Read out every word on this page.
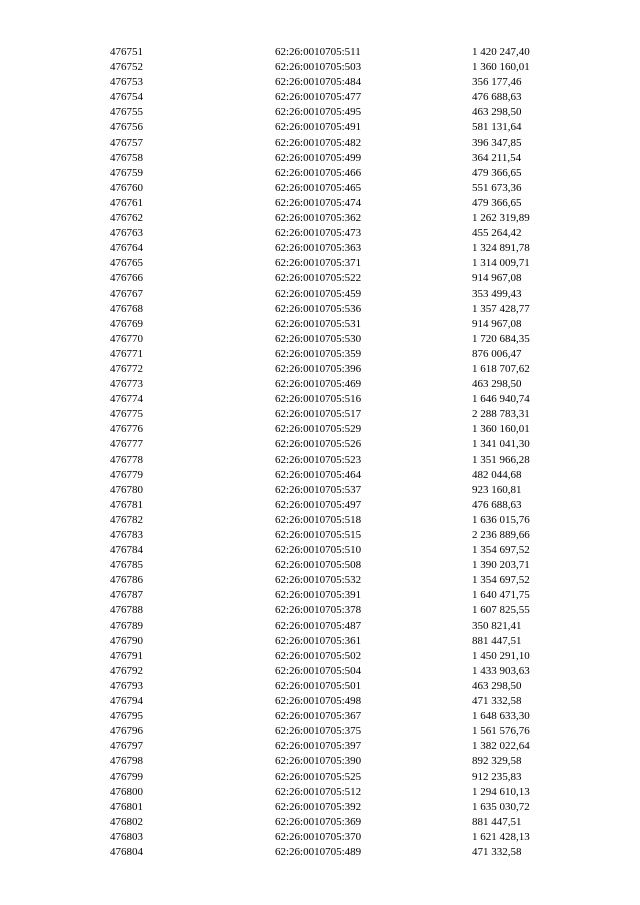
476751	62:26:0010705:511	1 420 247,40
476752	62:26:0010705:503	1 360 160,01
476753	62:26:0010705:484	356 177,46
476754	62:26:0010705:477	476 688,63
476755	62:26:0010705:495	463 298,50
476756	62:26:0010705:491	581 131,64
476757	62:26:0010705:482	396 347,85
476758	62:26:0010705:499	364 211,54
476759	62:26:0010705:466	479 366,65
476760	62:26:0010705:465	551 673,36
476761	62:26:0010705:474	479 366,65
476762	62:26:0010705:362	1 262 319,89
476763	62:26:0010705:473	455 264,42
476764	62:26:0010705:363	1 324 891,78
476765	62:26:0010705:371	1 314 009,71
476766	62:26:0010705:522	914 967,08
476767	62:26:0010705:459	353 499,43
476768	62:26:0010705:536	1 357 428,77
476769	62:26:0010705:531	914 967,08
476770	62:26:0010705:530	1 720 684,35
476771	62:26:0010705:359	876 006,47
476772	62:26:0010705:396	1 618 707,62
476773	62:26:0010705:469	463 298,50
476774	62:26:0010705:516	1 646 940,74
476775	62:26:0010705:517	2 288 783,31
476776	62:26:0010705:529	1 360 160,01
476777	62:26:0010705:526	1 341 041,30
476778	62:26:0010705:523	1 351 966,28
476779	62:26:0010705:464	482 044,68
476780	62:26:0010705:537	923 160,81
476781	62:26:0010705:497	476 688,63
476782	62:26:0010705:518	1 636 015,76
476783	62:26:0010705:515	2 236 889,66
476784	62:26:0010705:510	1 354 697,52
476785	62:26:0010705:508	1 390 203,71
476786	62:26:0010705:532	1 354 697,52
476787	62:26:0010705:391	1 640 471,75
476788	62:26:0010705:378	1 607 825,55
476789	62:26:0010705:487	350 821,41
476790	62:26:0010705:361	881 447,51
476791	62:26:0010705:502	1 450 291,10
476792	62:26:0010705:504	1 433 903,63
476793	62:26:0010705:501	463 298,50
476794	62:26:0010705:498	471 332,58
476795	62:26:0010705:367	1 648 633,30
476796	62:26:0010705:375	1 561 576,76
476797	62:26:0010705:397	1 382 022,64
476798	62:26:0010705:390	892 329,58
476799	62:26:0010705:525	912 235,83
476800	62:26:0010705:512	1 294 610,13
476801	62:26:0010705:392	1 635 030,72
476802	62:26:0010705:369	881 447,51
476803	62:26:0010705:370	1 621 428,13
476804	62:26:0010705:489	471 332,58
